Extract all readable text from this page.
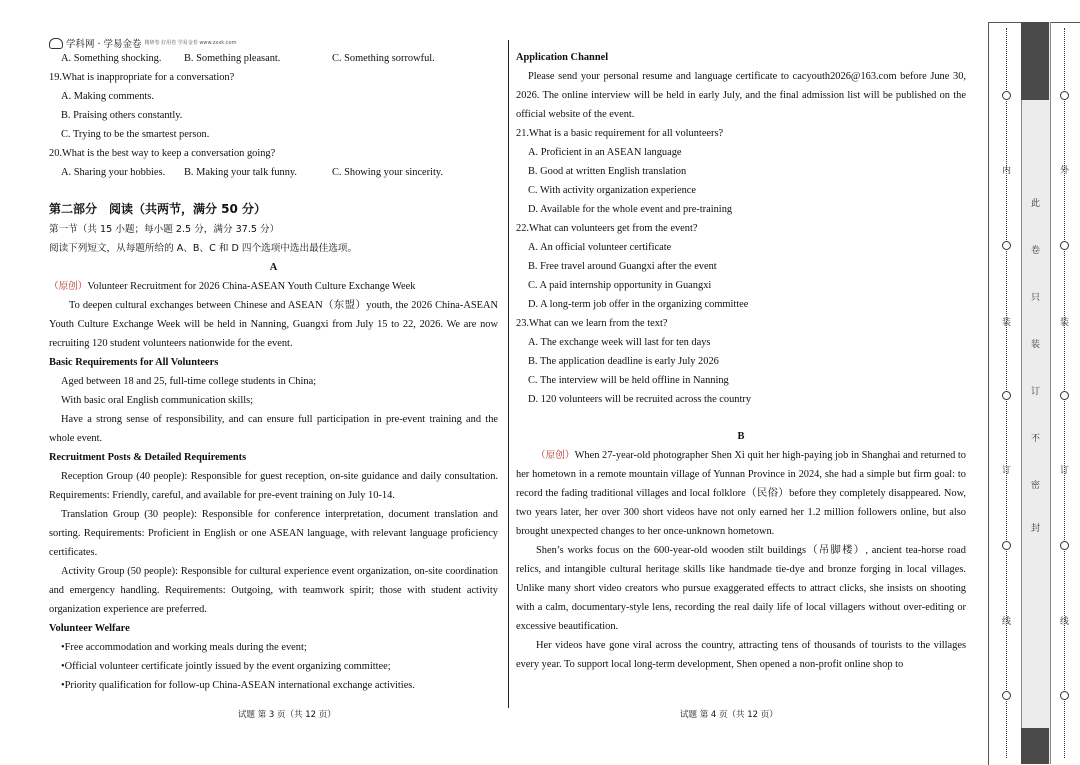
学科网 · 学易金卷 精研卷 好用卷 学易金卷 www.zxxk.com
A. Something shocking.	B. Something pleasant.	C. Something sorrowful.
19.What is inappropriate for a conversation?
A. Making comments.
B. Praising others constantly.
C. Trying to be the smartest person.
20.What is the best way to keep a conversation going?
A. Sharing your hobbies.	B. Making your talk funny.	C. Showing your sincerity.
第二部分　阅读（共两节，满分 50 分）
第一节（共 15 小题；每小题 2.5 分，满分 37.5 分）
阅读下列短文，从每题所给的 A、B、C 和 D 四个选项中选出最佳选项。
A
（原创）Volunteer Recruitment for 2026 China-ASEAN Youth Culture Exchange Week
To deepen cultural exchanges between Chinese and ASEAN（东盟）youth, the 2026 China-ASEAN Youth Culture Exchange Week will be held in Nanning, Guangxi from July 15 to 22, 2026. We are now recruiting 120 student volunteers nationwide for the event.
Basic Requirements for All Volunteers
Aged between 18 and 25, full-time college students in China;
With basic oral English communication skills;
Have a strong sense of responsibility, and can ensure full participation in pre-event training and the whole event.
Recruitment Posts & Detailed Requirements
Reception Group (40 people): Responsible for guest reception, on-site guidance and daily consultation. Requirements: Friendly, careful, and available for pre-event training on July 10-14.
Translation Group (30 people): Responsible for conference interpretation, document translation and sorting. Requirements: Proficient in English or one ASEAN language, with relevant language proficiency certificates.
Activity Group (50 people): Responsible for cultural experience event organization, on-site coordination and emergency handling. Requirements: Outgoing, with teamwork spirit; those with student activity organization experience are preferred.
Volunteer Welfare
•Free accommodation and working meals during the event;
•Official volunteer certificate jointly issued by the event organizing committee;
•Priority qualification for follow-up China-ASEAN international exchange activities.
试题 第 3 页（共 12 页）
Application Channel
Please send your personal resume and language certificate to cacyouth2026@163.com before June 30, 2026. The online interview will be held in early July, and the final admission list will be published on the official website of the event.
21.What is a basic requirement for all volunteers?
A. Proficient in an ASEAN language
B. Good at written English translation
C. With activity organization experience
D. Available for the whole event and pre-training
22.What can volunteers get from the event?
A. An official volunteer certificate
B. Free travel around Guangxi after the event
C. A paid internship opportunity in Guangxi
D. A long-term job offer in the organizing committee
23.What can we learn from the text?
A. The exchange week will last for ten days
B. The application deadline is early July 2026
C. The interview will be held offline in Nanning
D. 120 volunteers will be recruited across the country
B
（原创）When 27-year-old photographer Shen Xi quit her high-paying job in Shanghai and returned to her hometown in a remote mountain village of Yunnan Province in 2024, she had a simple but firm goal: to record the fading traditional villages and local folklore（民俗）before they completely disappeared. Now, two years later, her over 300 short videos have not only earned her 1.2 million followers online, but also brought unexpected changes to her once-unknown hometown.
Shen’s works focus on the 600-year-old wooden stilt buildings（吊脚楼）, ancient tea-horse road relics, and intangible cultural heritage skills like handmade tie-dye and bronze forging in local villages. Unlike many short video creators who pursue exaggerated effects to attract clicks, she insists on shooting with a calm, documentary-style lens, recording the real daily life of local villagers without over-editing or excessive beautification.
Her videos have gone viral across the country, attracting tens of thousands of tourists to the villages every year. To support local long-term development, Shen opened a non-profit online shop to
试题 第 4 页（共 12 页）
内
装
订
线
外
装
订
线
此
卷
只
装
订
不
密
封
